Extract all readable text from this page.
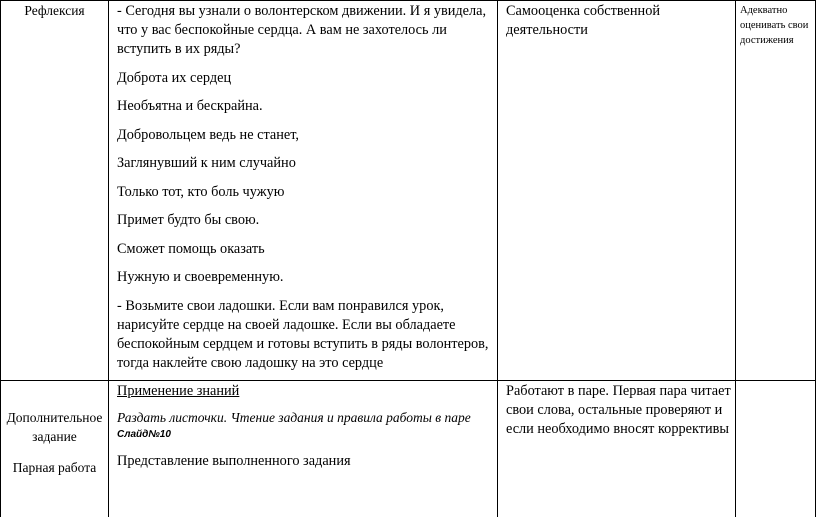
Рефлексия	- Сегодня вы узнали о волонтерском движении. И я увидела, что у вас беспокойные сердца. А вам не захотелось ли вступить в их ряды?

Доброта их сердец

Необъятна и бескрайна.

Добровольцем ведь не станет,

Заглянувший к ним случайно

Только тот, кто боль чужую

Примет будто бы свою.

Сможет помощь оказать

Нужную и своевременную.

- Возьмите свои ладошки. Если вам понравился урок, нарисуйте сердце на своей ладошке. Если вы обладаете беспокойным сердцем и готовы вступить в ряды волонтеров, тогда наклейте свою ладошку на это сердце

Самооценка собственной деятельности

Адекватно оценивать свои достижения
Дополнительное задание
Парная работа

Применение знаний

Раздать листочки. Чтение задания и правила работы в паре

Слайд№10

Представление выполненного задания

Работают в паре. Первая пара читает свои слова, остальные проверяют и если необходимо вносят коррективы
